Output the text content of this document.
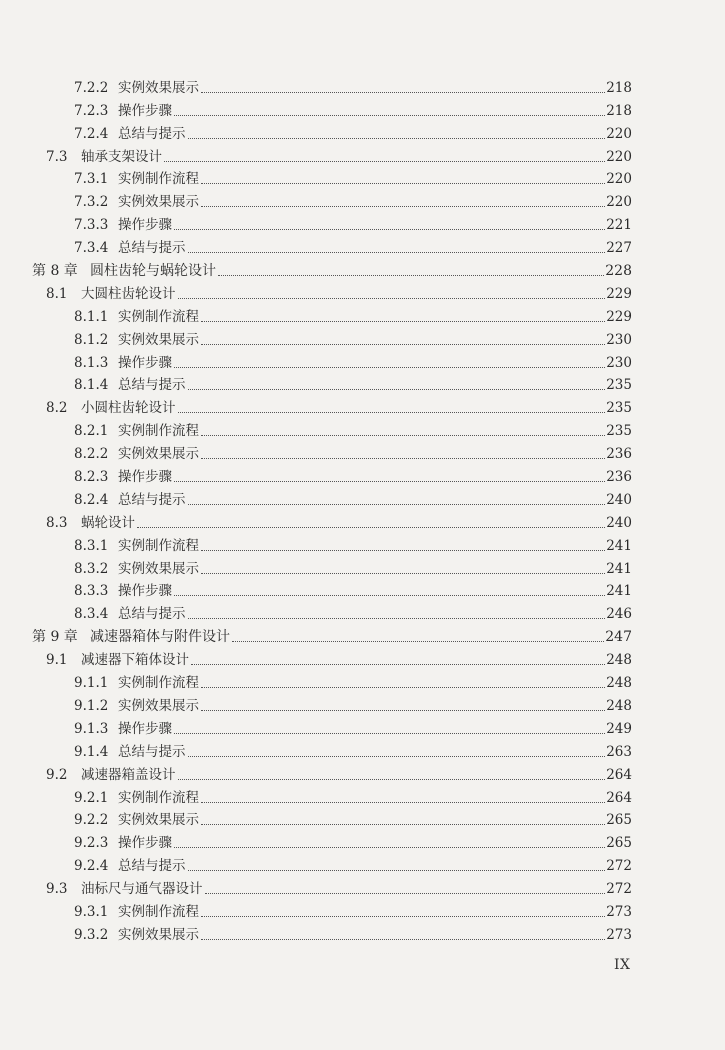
7.2.2 实例效果展示	218
7.2.3 操作步骤	218
7.2.4 总结与提示	220
7.3	轴承支架设计	220
7.3.1 实例制作流程	220
7.3.2 实例效果展示	220
7.3.3 操作步骤	221
7.3.4 总结与提示	227
第 8 章 圆柱齿轮与蜗轮设计	228
8.1	大圆柱齿轮设计	229
8.1.1 实例制作流程	229
8.1.2 实例效果展示	230
8.1.3 操作步骤	230
8.1.4 总结与提示	235
8.2	小圆柱齿轮设计	235
8.2.1 实例制作流程	235
8.2.2 实例效果展示	236
8.2.3 操作步骤	236
8.2.4 总结与提示	240
8.3	蜗轮设计	240
8.3.1 实例制作流程	241
8.3.2 实例效果展示	241
8.3.3 操作步骤	241
8.3.4 总结与提示	246
第 9 章 减速器箱体与附件设计	247
9.1	减速器下箱体设计	248
9.1.1 实例制作流程	248
9.1.2 实例效果展示	248
9.1.3 操作步骤	249
9.1.4 总结与提示	263
9.2	减速器箱盖设计	264
9.2.1 实例制作流程	264
9.2.2 实例效果展示	265
9.2.3 操作步骤	265
9.2.4 总结与提示	272
9.3	油标尺与通气器设计	272
9.3.1 实例制作流程	273
9.3.2 实例效果展示	273
IX
